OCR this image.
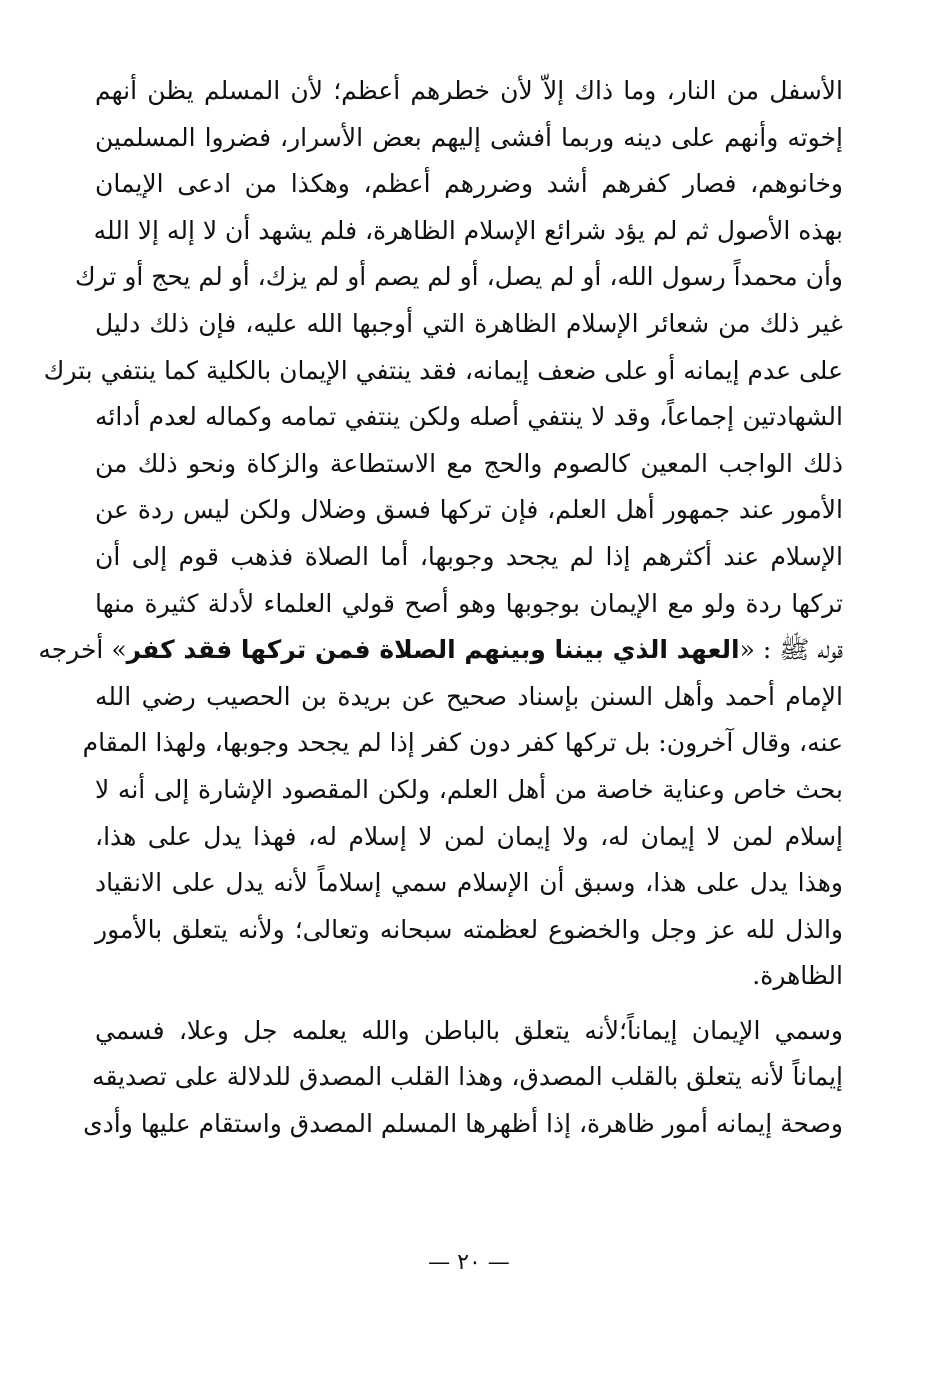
الأسفل من النار، وما ذاك إلاّ لأن خطرهم أعظم؛ لأن المسلم يظن أنهم
إخوته وأنهم على دينه وربما أفشى إليهم بعض الأسرار، فضروا المسلمين
وخانوهم، فصار كفرهم أشد وضررهم أعظم، وهكذا من ادعى الإيمان
بهذه الأصول ثم لم يؤد شرائع الإسلام الظاهرة، فلم يشهد أن لا إله إلا الله
وأن محمداً رسول الله، أو لم يصل، أو لم يصم أو لم يزك، أو لم يحج أو ترك
غير ذلك من شعائر الإسلام الظاهرة التي أوجبها الله عليه، فإن ذلك دليل
على عدم إيمانه أو على ضعف إيمانه، فقد ينتفي الإيمان بالكلية كما ينتفي بترك
الشهادتين إجماعاً، وقد لا ينتفي أصله ولكن ينتفي تمامه وكماله لعدم أدائه
ذلك الواجب المعين كالصوم والحج مع الاستطاعة والزكاة ونحو ذلك من
الأمور عند جمهور أهل العلم، فإن تركها فسق وضلال ولكن ليس ردة عن
الإسلام عند أكثرهم إذا لم يجحد وجوبها، أما الصلاة فذهب قوم إلى أن
تركها ردة ولو مع الإيمان بوجوبها وهو أصح قولي العلماء لأدلة كثيرة منها
قوله ﷺ : «العهد الذي بيننا وبينهم الصلاة فمن تركها فقد كفر» أخرجه
الإمام أحمد وأهل السنن بإسناد صحيح عن بريدة بن الحصيب رضي الله
عنه، وقال آخرون: بل تركها كفر دون كفر إذا لم يجحد وجوبها، ولهذا المقام
بحث خاص وعناية خاصة من أهل العلم، ولكن المقصود الإشارة إلى أنه لا
إسلام لمن لا إيمان له، ولا إيمان لمن لا إسلام له، فهذا يدل على هذا،
وهذا يدل على هذا، وسبق أن الإسلام سمي إسلاماً لأنه يدل على الانقياد
والذل لله عز وجل والخضوع لعظمته سبحانه وتعالى؛ ولأنه يتعلق بالأمور
الظاهرة.
وسمي الإيمان إيماناً؛لأنه يتعلق بالباطن والله يعلمه جل وعلا، فسمي
إيماناً لأنه يتعلق بالقلب المصدق، وهذا القلب المصدق للدلالة على تصديقه
وصحة إيمانه أمور ظاهرة، إذا أظهرها المسلم المصدق واستقام عليها وأدى
— ٢٠ —
